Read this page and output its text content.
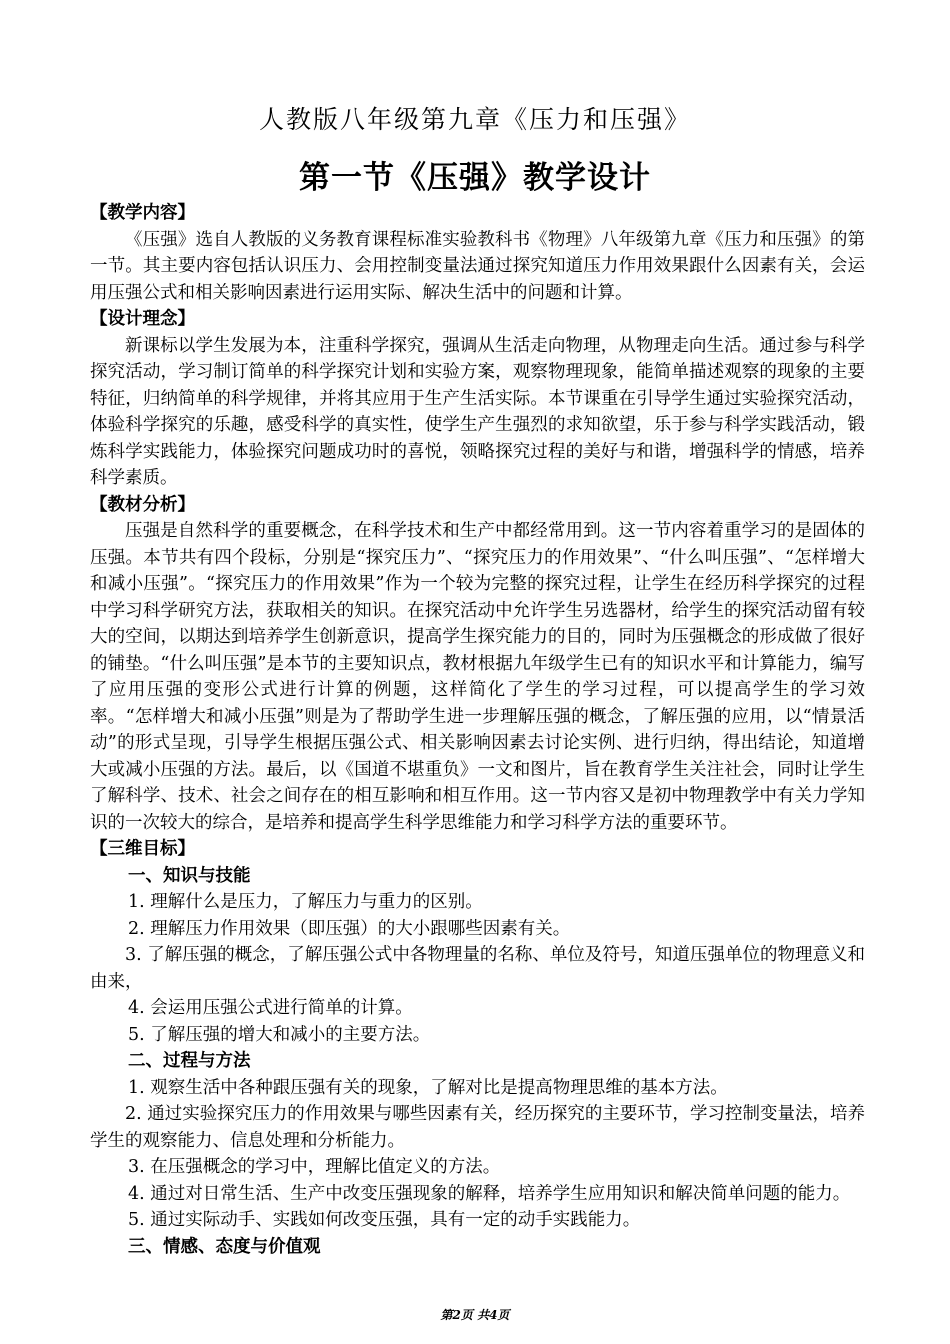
人教版八年级第九章《压力和压强》
第一节《压强》教学设计
【教学内容】

《压强》选自人教版的义务教育课程标准实验教科书《物理》八年级第九章《压力和压强》的第一节。其主要内容包括认识压力、会用控制变量法通过探究知道压力作用效果跟什么因素有关，会运用压强公式和相关影响因素进行运用实际、解决生活中的问题和计算。

【设计理念】

新课标以学生发展为本，注重科学探究，强调从生活走向物理，从物理走向生活。通过参与科学探究活动，学习制订简单的科学探究计划和实验方案，观察物理现象，能简单描述观察的现象的主要特征，归纳简单的科学规律，并将其应用于生产生活实际。本节课重在引导学生通过实验探究活动，体验科学探究的乐趣，感受科学的真实性，使学生产生强烈的求知欲望，乐于参与科学实践活动，锻炼科学实践能力，体验探究问题成功时的喜悦，领略探究过程的美好与和谐，增强科学的情感，培养科学素质。

【教材分析】

压强是自然科学的重要概念，在科学技术和生产中都经常用到。这一节内容着重学习的是固体的压强。本节共有四个段标，分别是“探究压力”、“探究压力的作用效果”、“什么叫压强”、“怎样增大和减小压强”。“探究压力的作用效果”作为一个较为完整的探究过程，让学生在经历科学探究的过程中学习科学研究方法，获取相关的知识。在探究活动中允许学生另选器材，给学生的探究活动留有较大的空间，以期达到培养学生创新意识，提高学生探究能力的目的，同时为压强概念的形成做了很好的铺垫。“什么叫压强”是本节的主要知识点，教材根据九年级学生已有的知识水平和计算能力，编写了应用压强的变形公式进行计算的例题，这样简化了学生的学习过程，可以提高学生的学习效率。“怎样增大和减小压强”则是为了帮助学生进一步理解压强的概念，了解压强的应用，以“情景活动”的形式呈现，引导学生根据压强公式、相关影响因素去讨论实例、进行归纳，得出结论，知道增大或减小压强的方法。最后，以《国道不堪重负》一文和图片，旨在教育学生关注社会，同时让学生了解科学、技术、社会之间存在的相互影响和相互作用。这一节内容又是初中物理教学中有关力学知识的一次较大的综合，是培养和提高学生科学思维能力和学习科学方法的重要环节。

【三维目标】
一、知识与技能
1. 理解什么是压力，了解压力与重力的区别。
2. 理解压力作用效果（即压强）的大小跟哪些因素有关。
3. 了解压强的概念，了解压强公式中各物理量的名称、单位及符号，知道压强单位的物理意义和由来，
4. 会运用压强公式进行简单的计算。
5. 了解压强的增大和减小的主要方法。
二、过程与方法
1. 观察生活中各种跟压强有关的现象，了解对比是提高物理思维的基本方法。
2. 通过实验探究压力的作用效果与哪些因素有关，经历探究的主要环节，学习控制变量法，培养学生的观察能力、信息处理和分析能力。
3. 在压强概念的学习中，理解比值定义的方法。
4. 通过对日常生活、生产中改变压强现象的解释，培养学生应用知识和解决简单问题的能力。
5. 通过实际动手、实践如何改变压强，具有一定的动手实践能力。
三、情感、态度与价值观
第2页 共4页
